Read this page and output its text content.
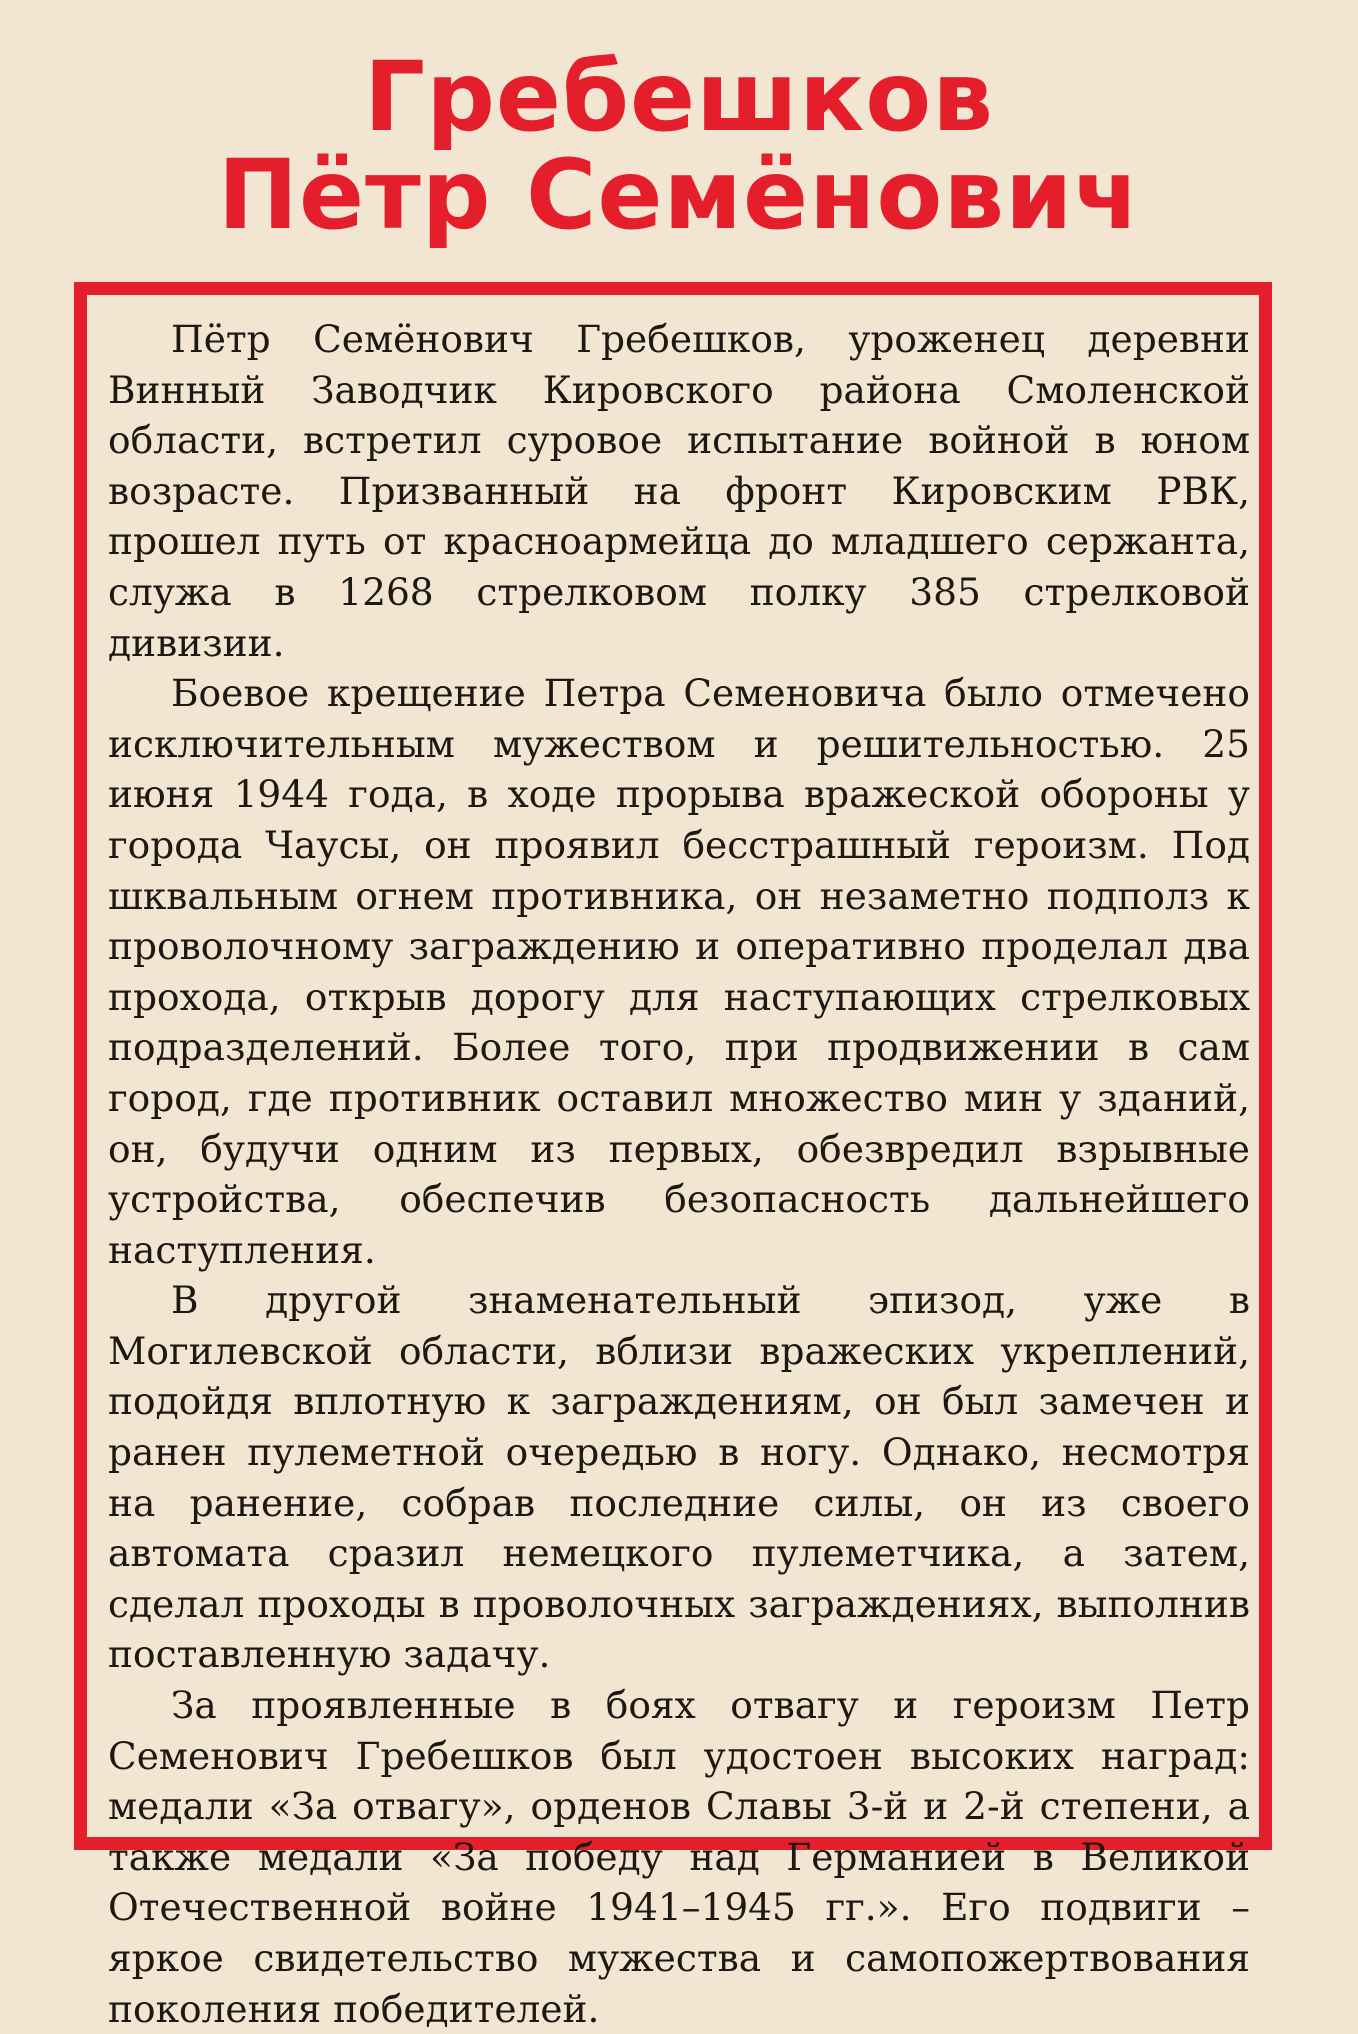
Гребешков
Пётр Семёнович

Пётр Семёнович Гребешков, уроженец деревни Винный Заводчик Кировского района Смоленской области, встретил суровое испытание войной в юном возрасте. Призванный на фронт Кировским РВК, прошел путь от красноармейца до младшего сержанта, служа в 1268 стрелковом полку 385 стрелковой дивизии.

Боевое крещение Петра Семеновича было отмечено исключительным мужеством и решительностью. 25 июня 1944 года, в ходе прорыва вражеской обороны у города Чаусы, он проявил бесстрашный героизм. Под шквальным огнем противника, он незаметно подполз к проволочному заграждению и оперативно проделал два прохода, открыв дорогу для наступающих стрелковых подразделений. Более того, при продвижении в сам город, где противник оставил множество мин у зданий, он, будучи одним из первых, обезвредил взрывные устройства, обеспечив безопасность дальнейшего наступления.

В другой знаменательный эпизод, уже в Могилевской области, вблизи вражеских укреплений, подойдя вплотную к заграждениям, он был замечен и ранен пулеметной очередью в ногу. Однако, несмотря на ранение, собрав последние силы, он из своего автомата сразил немецкого пулеметчика, а затем, сделал проходы в проволочных заграждениях, выполнив поставленную задачу.

За проявленные в боях отвагу и героизм Петр Семенович Гребешков был удостоен высоких наград: медали «За отвагу», орденов Славы 3-й и 2-й степени, а также медали «За победу над Германией в Великой Отечественной войне 1941–1945 гг.». Его подвиги – яркое свидетельство мужества и самопожертвования поколения победителей.
